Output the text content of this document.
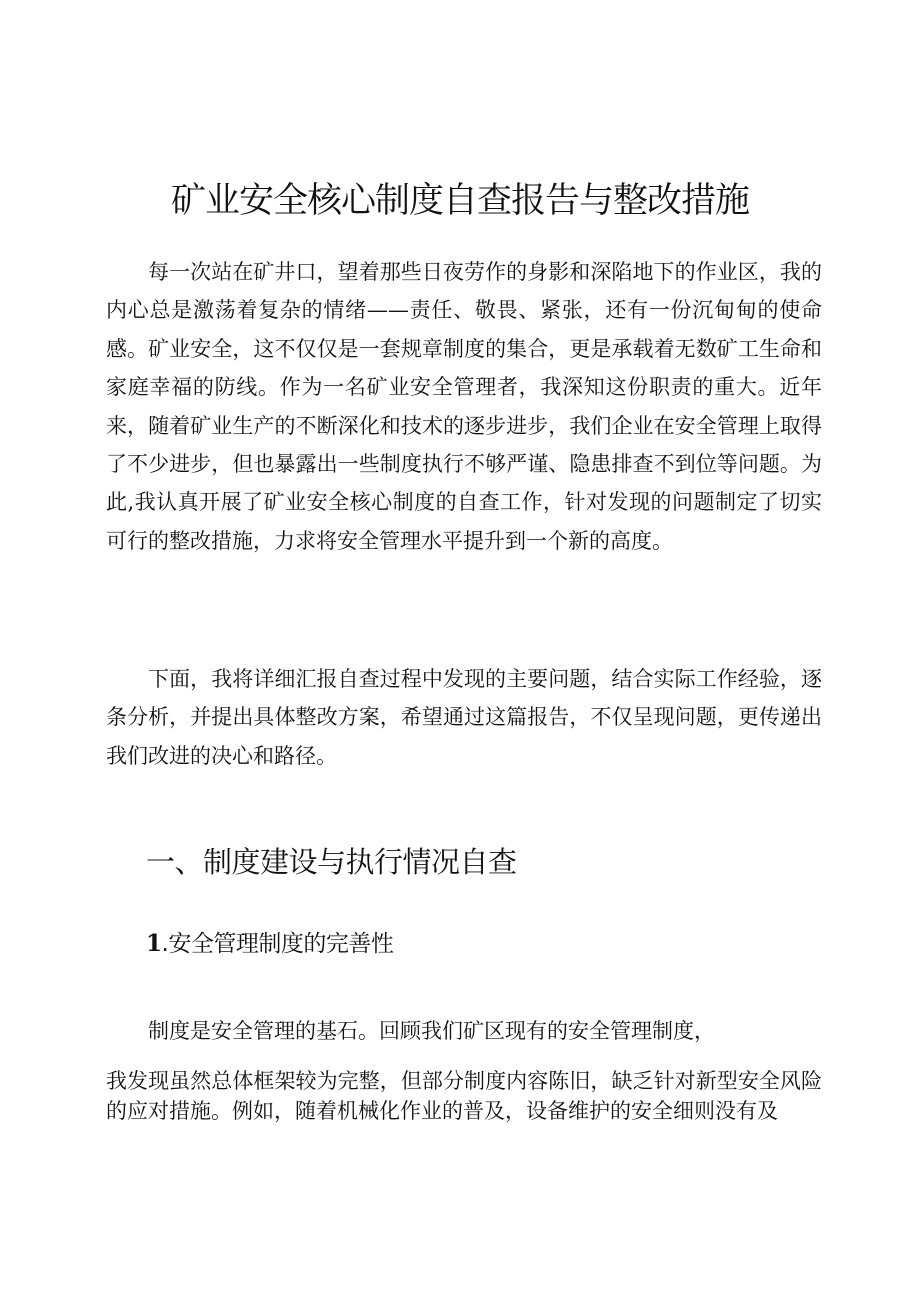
矿业安全核心制度自查报告与整改措施

每一次站在矿井口，望着那些日夜劳作的身影和深陷地下的作业区，我的内心总是激荡着复杂的情绪——责任、敬畏、紧张，还有一份沉甸甸的使命感。矿业安全，这不仅仅是一套规章制度的集合，更是承载着无数矿工生命和家庭幸福的防线。作为一名矿业安全管理者，我深知这份职责的重大。近年来，随着矿业生产的不断深化和技术的逐步进步，我们企业在安全管理上取得了不少进步，但也暴露出一些制度执行不够严谨、隐患排查不到位等问题。为此,我认真开展了矿业安全核心制度的自查工作，针对发现的问题制定了切实可行的整改措施，力求将安全管理水平提升到一个新的高度。

下面，我将详细汇报自查过程中发现的主要问题，结合实际工作经验，逐条分析，并提出具体整改方案，希望通过这篇报告，不仅呈现问题，更传递出我们改进的决心和路径。

一、制度建设与执行情况自查
1.安全管理制度的完善性

制度是安全管理的基石。回顾我们矿区现有的安全管理制度，

我发现虽然总体框架较为完整，但部分制度内容陈旧，缺乏针对新型安全风险的应对措施。例如，随着机械化作业的普及，设备维护的安全细则没有及
